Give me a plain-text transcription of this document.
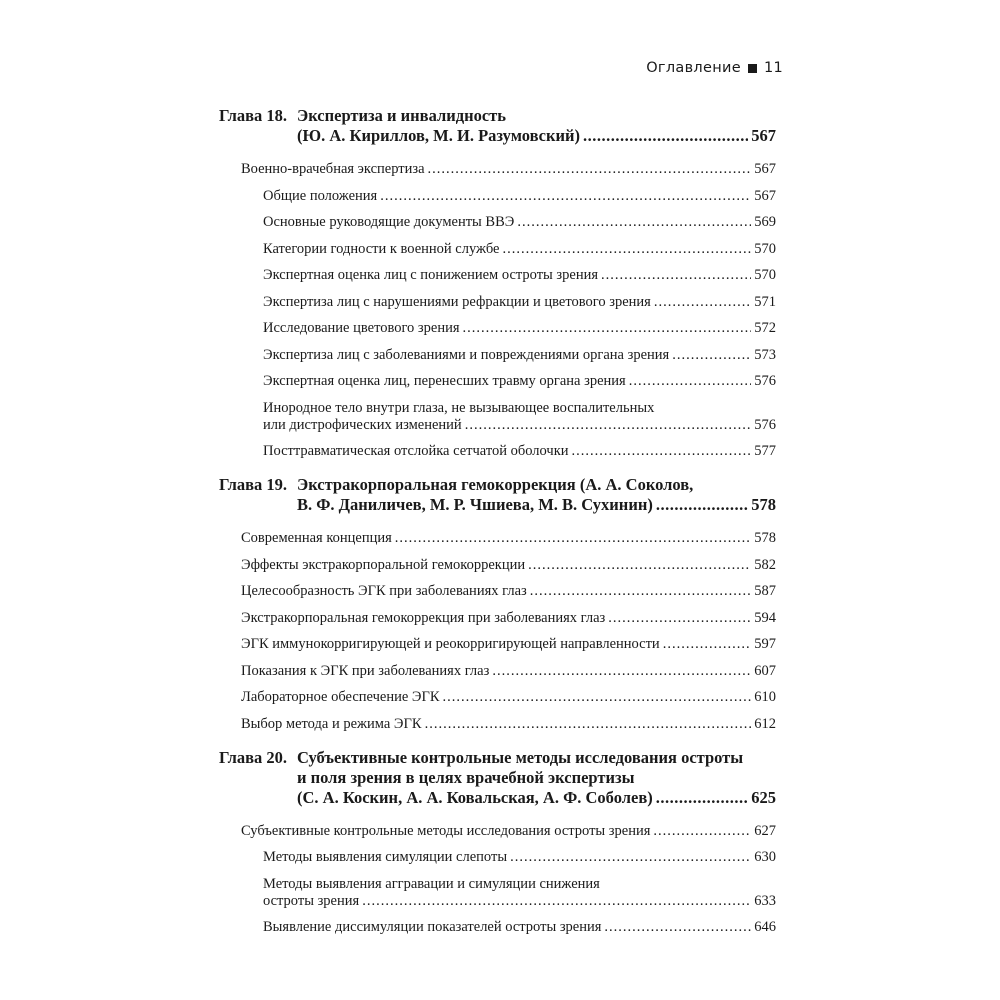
Оглавление 11
Глава 18. Экспертиза и инвалидность
(Ю. А. Кириллов, М. И. Разумовский) .....	567
Военно-врачебная экспертиза .....	567
Общие положения .....	567
Основные руководящие документы ВВЭ .....	569
Категории годности к военной службе .....	570
Экспертная оценка лиц с понижением остроты зрения .....	570
Экспертиза лиц с нарушениями рефракции и цветового зрения .....	571
Исследование цветового зрения .....	572
Экспертиза лиц с заболеваниями и повреждениями органа зрения .....	573
Экспертная оценка лиц, перенесших травму органа зрения .....	576
Инородное тело внутри глаза, не вызывающее воспалительных
или дистрофических изменений .....	576
Посттравматическая отслойка сетчатой оболочки .....	577
Глава 19. Экстракорпоральная гемокоррекция (А. А. Соколов,
В. Ф. Даниличев, М. Р. Чшиева, М. В. Сухинин) .....	578
Современная концепция .....	578
Эффекты экстракорпоральной гемокоррекции .....	582
Целесообразность ЭГК при заболеваниях глаз .....	587
Экстракорпоральная гемокоррекция при заболеваниях глаз .....	594
ЭГК иммунокорригирующей и реокорригирующей направленности .....	597
Показания к ЭГК при заболеваниях глаз .....	607
Лабораторное обеспечение ЭГК .....	610
Выбор метода и режима ЭГК .....	612
Глава 20. Субъективные контрольные методы исследования остроты
и поля зрения в целях врачебной экспертизы
(С. А. Коскин, А. А. Ковальская, А. Ф. Соболев) .....	625
Субъективные контрольные методы исследования остроты зрения .....	627
Методы выявления симуляции слепоты .....	630
Методы выявления аггравации и симуляции снижения
остроты зрения .....	633
Выявление диссимуляции показателей остроты зрения .....	646
